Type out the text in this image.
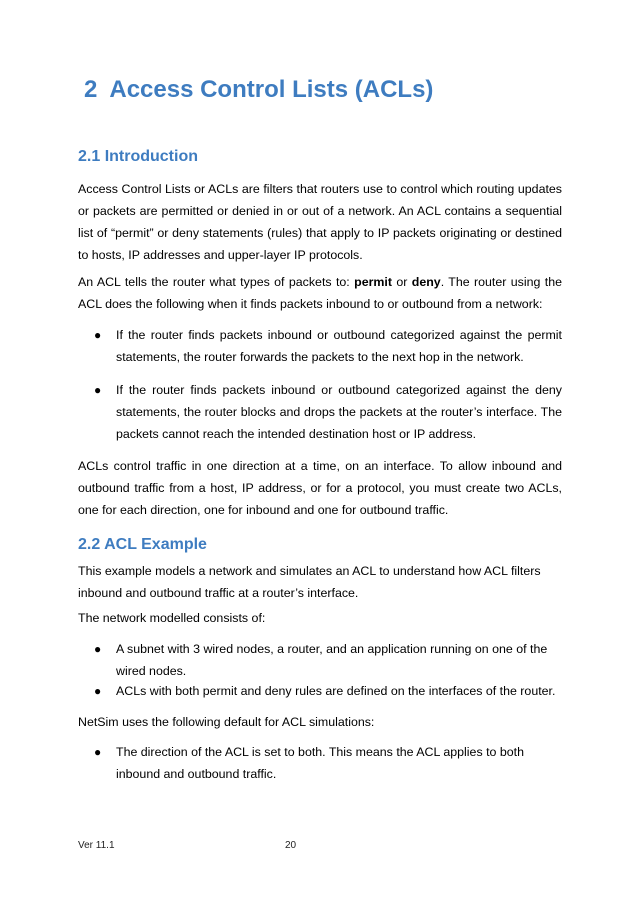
2 Access Control Lists (ACLs)
2.1 Introduction

Access Control Lists or ACLs are filters that routers use to control which routing updates or packets are permitted or denied in or out of a network. An ACL contains a sequential list of “permit” or deny statements (rules) that apply to IP packets originating or destined to hosts, IP addresses and upper-layer IP protocols.

An ACL tells the router what types of packets to: permit or deny. The router using the ACL does the following when it finds packets inbound to or outbound from a network:

●	If the router finds packets inbound or outbound categorized against the permit statements, the router forwards the packets to the next hop in the network.
●	If the router finds packets inbound or outbound categorized against the deny statements, the router blocks and drops the packets at the router’s interface. The packets cannot reach the intended destination host or IP address.

ACLs control traffic in one direction at a time, on an interface. To allow inbound and outbound traffic from a host, IP address, or for a protocol, you must create two ACLs, one for each direction, one for inbound and one for outbound traffic.

2.2 ACL Example

This example models a network and simulates an ACL to understand how ACL filters inbound and outbound traffic at a router’s interface.

The network modelled consists of:

●	A subnet with 3 wired nodes, a router, and an application running on one of the wired nodes.
●	ACLs with both permit and deny rules are defined on the interfaces of the router.

NetSim uses the following default for ACL simulations:

●	The direction of the ACL is set to both. This means the ACL applies to both inbound and outbound traffic.
Ver 11.1	20
